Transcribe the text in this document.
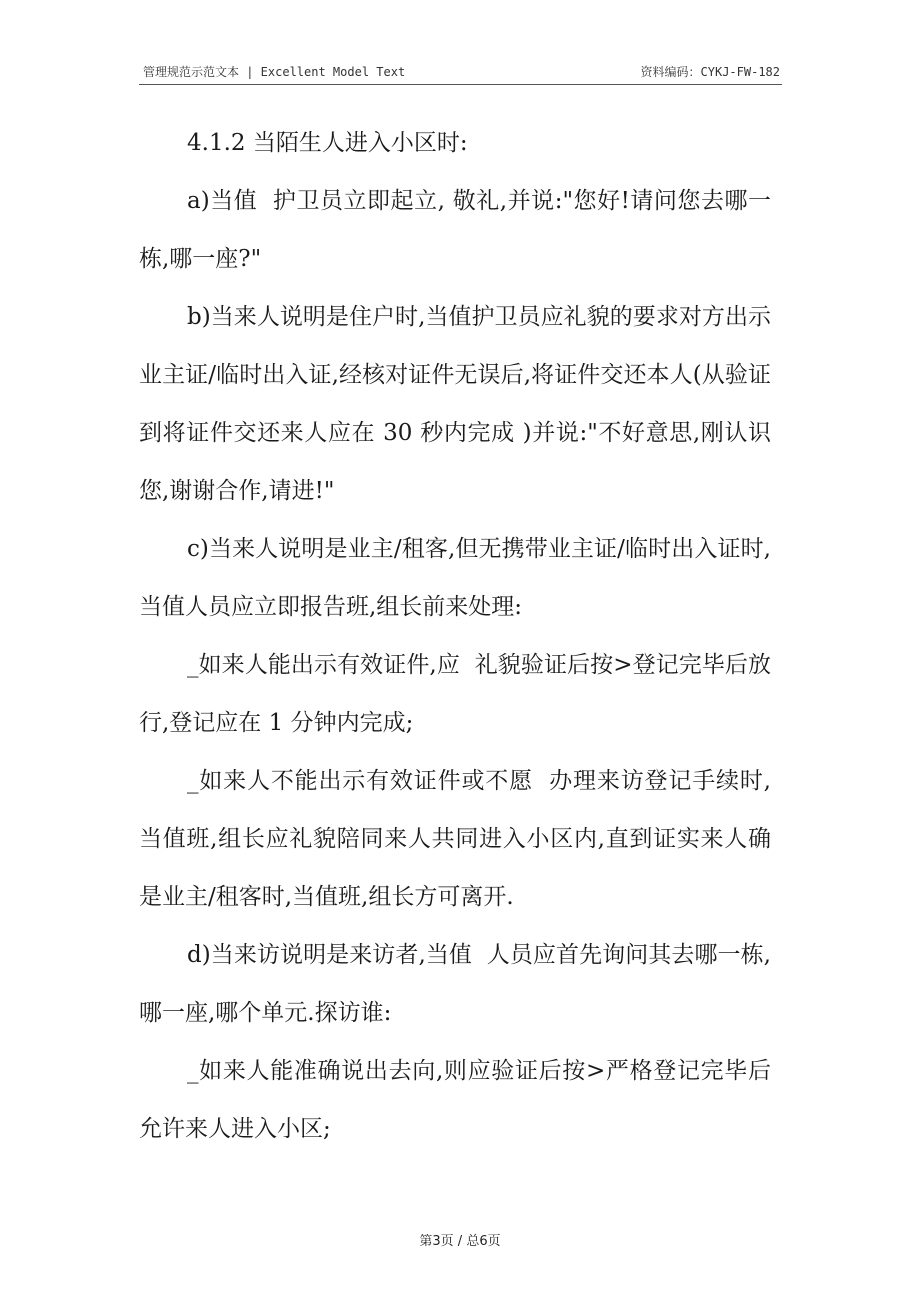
管理规范示范文本 | Excellent Model Text	资料编码：CYKJ-FW-182

4.1.2 当陌生人进入小区时:

a)当值  护卫员立即起立, 敬礼,并说:"您好!请问您去哪一栋,哪一座?"

b)当来人说明是住户时,当值护卫员应礼貌的要求对方出示业主证/临时出入证,经核对证件无误后,将证件交还本人(从验证到将证件交还来人应在 30 秒内完成 )并说:"不好意思,刚认识您,谢谢合作,请进!"

c)当来人说明是业主/租客,但无携带业主证/临时出入证时,当值人员应立即报告班,组长前来处理:

_如来人能出示有效证件,应  礼貌验证后按>登记完毕后放行,登记应在 1 分钟内完成;

_如来人不能出示有效证件或不愿  办理来访登记手续时,当值班,组长应礼貌陪同来人共同进入小区内,直到证实来人确是业主/租客时,当值班,组长方可离开.

d)当来访说明是来访者,当值  人员应首先询问其去哪一栋,哪一座,哪个单元.探访谁:

_如来人能准确说出去向,则应验证后按>严格登记完毕后允许来人进入小区;

第3页 / 总6页
